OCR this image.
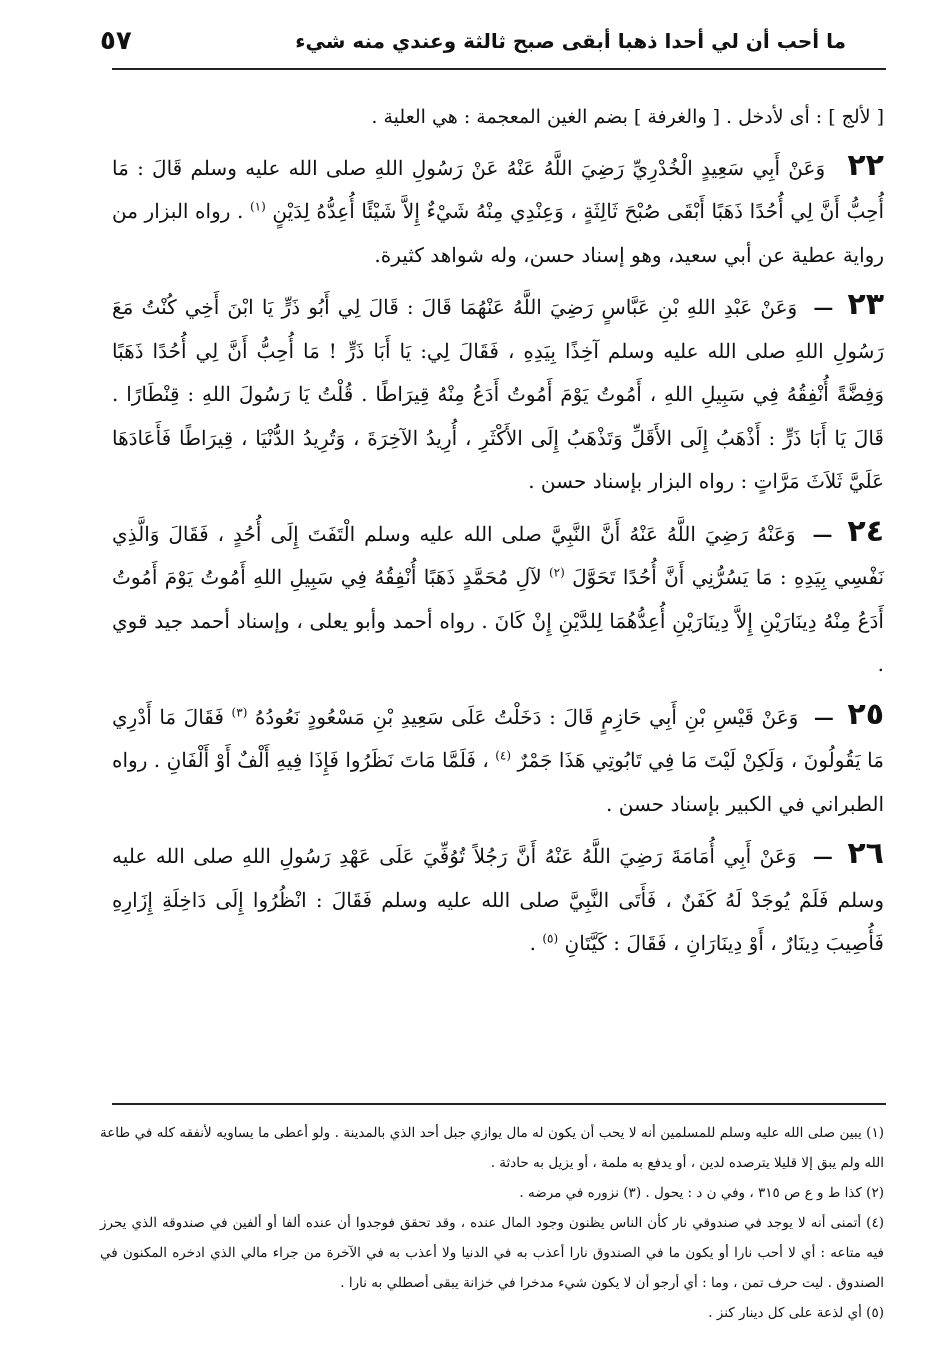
ما أحب أن لي أحدا ذهبا أبقى صبح ثالثة وعندي منه شيء
٥٧

[ لألج ] : أى لأدخل . [ والغرفة ] بضم الغين المعجمة : هي العلية .

٢٢ وَعَنْ أَبِي سَعِيدٍ الْخُدْرِيِّ رَضِيَ اللَّهُ عَنْهُ عَنْ رَسُولِ اللهِ صلى الله عليه وسلم قَالَ : مَا أُحِبُّ أَنَّ لِي أُحُدًا ذَهَبًا أَبْقَى صُبْحَ ثَالِثَةٍ ، وَعِنْدِي مِنْهُ شَيْءٌ إِلاَّ شَيْئًا أُعِدُّهُ لِدَيْنٍ $^{(١)}$ . رواه البزار من رواية عطية عن أبي سعيد، وهو إسناد حسن، وله شواهد كثيرة.

٢٣ — وَعَنْ عَبْدِ اللهِ بْنِ عَبَّاسٍ رَضِيَ اللَّهُ عَنْهُمَا قَالَ : قَالَ لِي أَبُو ذَرٍّ يَا ابْنَ أَخِي كُنْتُ مَعَ رَسُولِ اللهِ صلى الله عليه وسلم آخِذًا بِيَدِهِ ، فَقَالَ لِي: يَا أَبَا ذَرٍّ ! مَا أُحِبُّ أَنَّ لِي أُحُدًا ذَهَبًا وَفِضَّةً أُنْفِقُهُ فِي سَبِيلِ اللهِ ، أَمُوتُ يَوْمَ أَمُوتُ أَدَعُ مِنْهُ قِيرَاطًا . قُلْتُ يَا رَسُولَ اللهِ : قِنْطَارًا . قَالَ يَا أَبَا ذَرٍّ : أَذْهَبُ إِلَى الأَقَلِّ وَتَذْهَبُ إِلَى الأَكْثَرِ ، أُرِيدُ الآخِرَةَ ، وَتُرِيدُ الدُّنْيَا ، قِيرَاطًا فَأَعَادَهَا عَلَيَّ ثَلاَثَ مَرَّاتٍ : رواه البزار بإسناد حسن .

٢٤ — وَعَنْهُ رَضِيَ اللَّهُ عَنْهُ أَنَّ النَّبِيَّ صلى الله عليه وسلم الْتَفَتَ إِلَى أُحُدٍ ، فَقَالَ وَالَّذِي نَفْسِي بِيَدِهِ : مَا يَسُرُّنِي أَنَّ أُحُدًا تَحَوَّلَ $^{(٢)}$ لآلِ مُحَمَّدٍ ذَهَبًا أُنْفِقُهُ فِي سَبِيلِ اللهِ أَمُوتُ يَوْمَ أَمُوتُ أَدَعُ مِنْهُ دِينَارَيْنِ إِلاَّ دِينَارَيْنِ أُعِدُّهُمَا لِلدَّيْنِ إِنْ كَانَ . رواه أحمد وأبو يعلى ، وإسناد أحمد جيد قوي .

٢٥ — وَعَنْ قَيْسِ بْنِ أَبِي حَازِمٍ قَالَ : دَخَلْتُ عَلَى سَعِيدِ بْنِ مَسْعُودٍ نَعُودُهُ $^{(٣)}$ فَقَالَ مَا أَدْرِي مَا يَقُولُونَ ، وَلَكِنْ لَيْتَ مَا فِي تَابُوتِي هَذَا جَمْرٌ $^{(٤)}$ ، فَلَمَّا مَاتَ نَظَرُوا فَإِذَا فِيهِ أَلْفٌ أَوْ أَلْفَانِ . رواه الطبراني في الكبير بإسناد حسن .

٢٦ — وَعَنْ أَبِي أُمَامَةَ رَضِيَ اللَّهُ عَنْهُ أَنَّ رَجُلاً تُوُفِّيَ عَلَى عَهْدِ رَسُولِ اللهِ صلى الله عليه وسلم فَلَمْ يُوجَدْ لَهُ كَفَنٌ ، فَأَتَى النَّبِيَّ صلى الله عليه وسلم فَقَالَ : انْظُرُوا إِلَى دَاخِلَةِ إِزَارِهِ فَأُصِيبَ دِينَارٌ ، أَوْ دِينَارَانِ ، فَقَالَ : كَيَّتَانِ $^{(٥)}$ .

(١) يبين صلى الله عليه وسلم للمسلمين أنه لا يحب أن يكون له مال يوازي جبل أحد الذي بالمدينة . ولو أعطى ما يساويه لأنفقه كله في طاعة الله ولم يبق إلا قليلا يترصده لدين ، أو يدفع به ملمة ، أو يزيل به حادثة .

(٢) كذا ط و ع ص ٣١٥ ، وفي ن د : يحول . (٣) نزوره في مرضه .

(٤) أتمنى أنه لا يوجد في صندوقي نار كأن الناس يظنون وجود المال عنده ، وقد تحقق فوجدوا أن عنده ألفا أو ألفين في صندوقه الذي يحرز فيه متاعه : أي لا أحب نارا أو يكون ما في الصندوق نارا أعذب به في الدنيا ولا أعذب به في الآخرة من جراء مالي الذي ادخره المكنون في الصندوق . ليت حرف تمن ، وما : أي أرجو أن لا يكون شيء مدخرا في خزانة يبقى أصطلي به نارا .

(٥) أي لذعة على كل دينار كنز .
